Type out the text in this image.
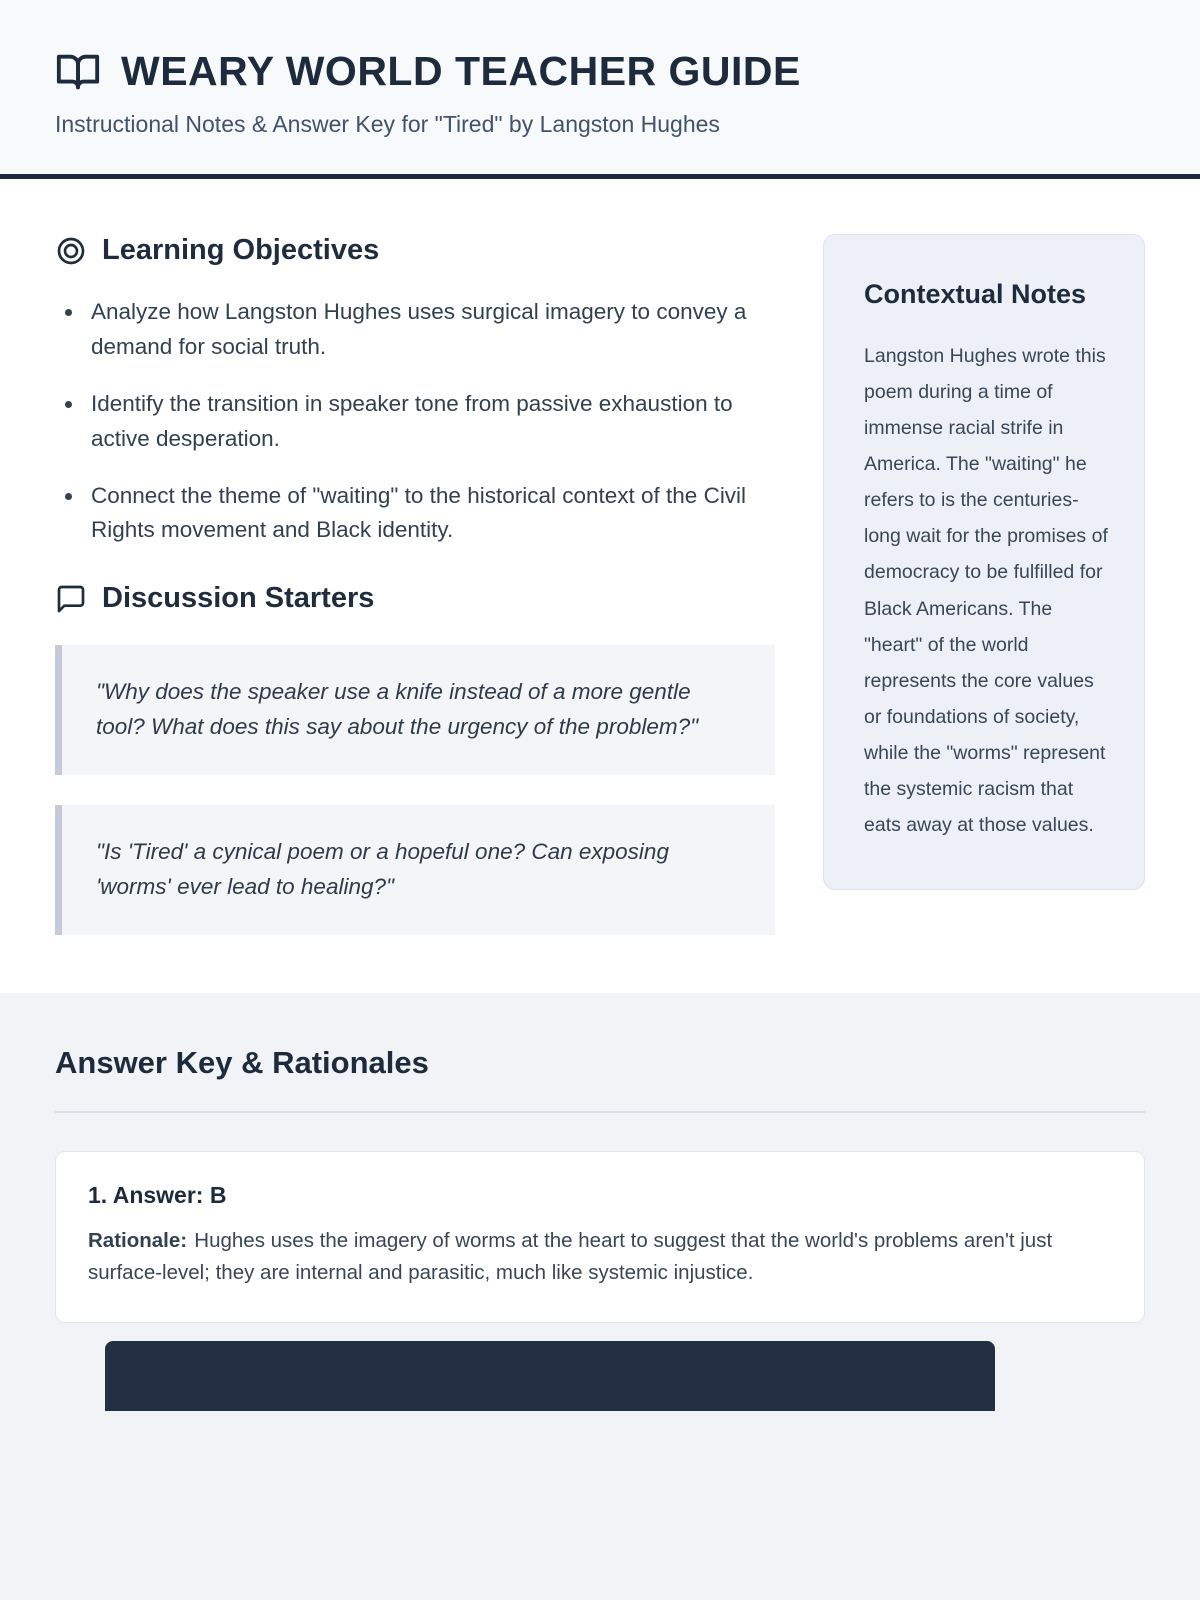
WEARY WORLD TEACHER GUIDE

Instructional Notes & Answer Key for "Tired" by Langston Hughes

Learning Objectives
• Analyze how Langston Hughes uses surgical imagery to convey a demand for social truth.
• Identify the transition in speaker tone from passive exhaustion to active desperation.
• Connect the theme of "waiting" to the historical context of the Civil Rights movement and Black identity.
Discussion Starters
"Why does the speaker use a knife instead of a more gentle tool? What does this say about the urgency of the problem?"
"Is 'Tired' a cynical poem or a hopeful one? Can exposing 'worms' ever lead to healing?"
Contextual Notes

Langston Hughes wrote this poem during a time of immense racial strife in America. The "waiting" he refers to is the centuries-long wait for the promises of democracy to be fulfilled for Black Americans. The "heart" of the world represents the core values or foundations of society, while the "worms" represent the systemic racism that eats away at those values.

Answer Key & Rationales
1. Answer: B

Rationale: Hughes uses the imagery of worms at the heart to suggest that the world's problems aren't just surface-level; they are internal and parasitic, much like systemic injustice.
